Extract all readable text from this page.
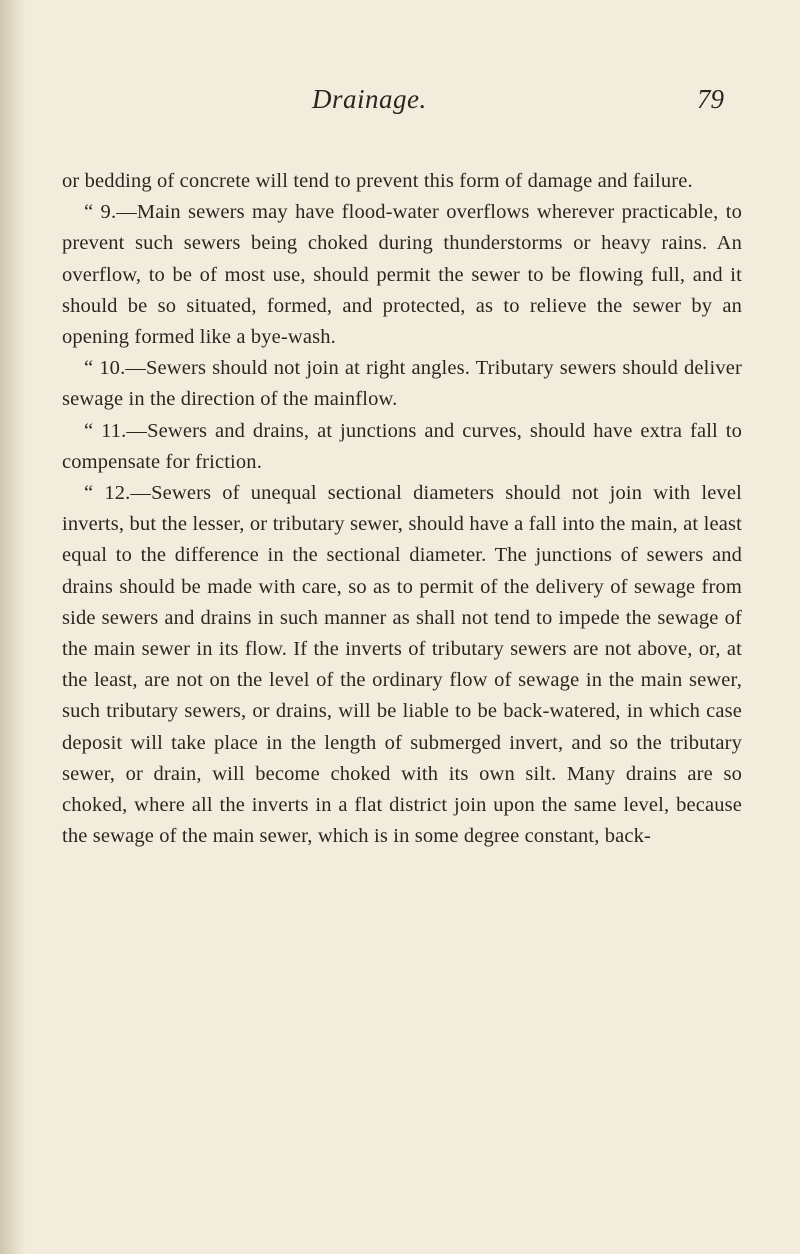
Drainage.	79

or bedding of concrete will tend to prevent this form of damage and failure.

“ 9.—Main sewers may have flood-water overflows wherever practicable, to prevent such sewers being choked during thunderstorms or heavy rains. An overflow, to be of most use, should permit the sewer to be flowing full, and it should be so situated, formed, and protected, as to relieve the sewer by an opening formed like a bye-wash.

“ 10.—Sewers should not join at right angles. Tributary sewers should deliver sewage in the direction of the mainflow.

“ 11.—Sewers and drains, at junctions and curves, should have extra fall to compensate for friction.

“ 12.—Sewers of unequal sectional diameters should not join with level inverts, but the lesser, or tributary sewer, should have a fall into the main, at least equal to the difference in the sectional diameter. The junctions of sewers and drains should be made with care, so as to permit of the delivery of sewage from side sewers and drains in such manner as shall not tend to impede the sewage of the main sewer in its flow. If the inverts of tributary sewers are not above, or, at the least, are not on the level of the ordinary flow of sewage in the main sewer, such tributary sewers, or drains, will be liable to be back-watered, in which case deposit will take place in the length of submerged invert, and so the tributary sewer, or drain, will become choked with its own silt. Many drains are so choked, where all the inverts in a flat district join upon the same level, because the sewage of the main sewer, which is in some degree constant, back-
